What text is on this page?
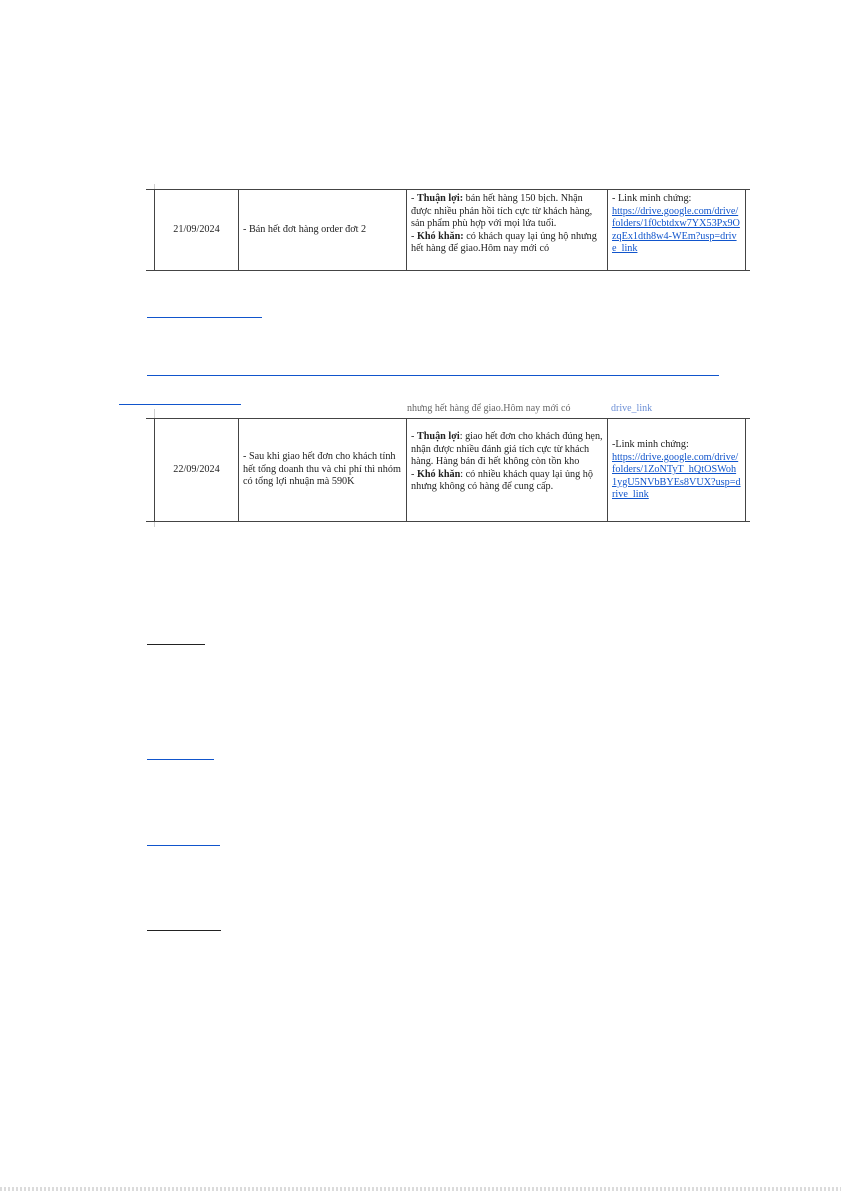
21/09/2024	- Bán hết đơt hàng order đơt 2
- Thuận lợi: bán hết hàng 150 bịch. Nhận được nhiều phản hồi tích cực từ khách hàng, sản phẩm phù hợp với mọi lứa tuổi.
- Khó khăn: có khách quay lại ủng hộ nhưng hết hàng để giao.Hôm nay mới có
- Link minh chứng:
https://drive.google.com/drive/folders/1f0cbtdxw7YX53Px9OzqEx1dth8w4-WEm?usp=drive_link
nhưng hết hàng để giao.Hôm nay mới có	drive_link
22/09/2024
- Sau khi giao hết đơn cho khách tính hết tổng doanh thu và chi phí thì nhóm có tổng lợi nhuận mà 590K
- Thuận lợi: giao hết đơn cho khách đúng hẹn, nhận được nhiều đánh giá tích cực từ khách hàng. Hàng bán đi hết không còn tồn kho
- Khó khăn: có nhiều khách quay lại ủng hộ nhưng không có hàng để cung cấp.
-Link minh chứng:
https://drive.google.com/drive/folders/1ZoNTyT_hQtOSWoh1ygU5NVbBYEs8VUX?usp=drive_link
